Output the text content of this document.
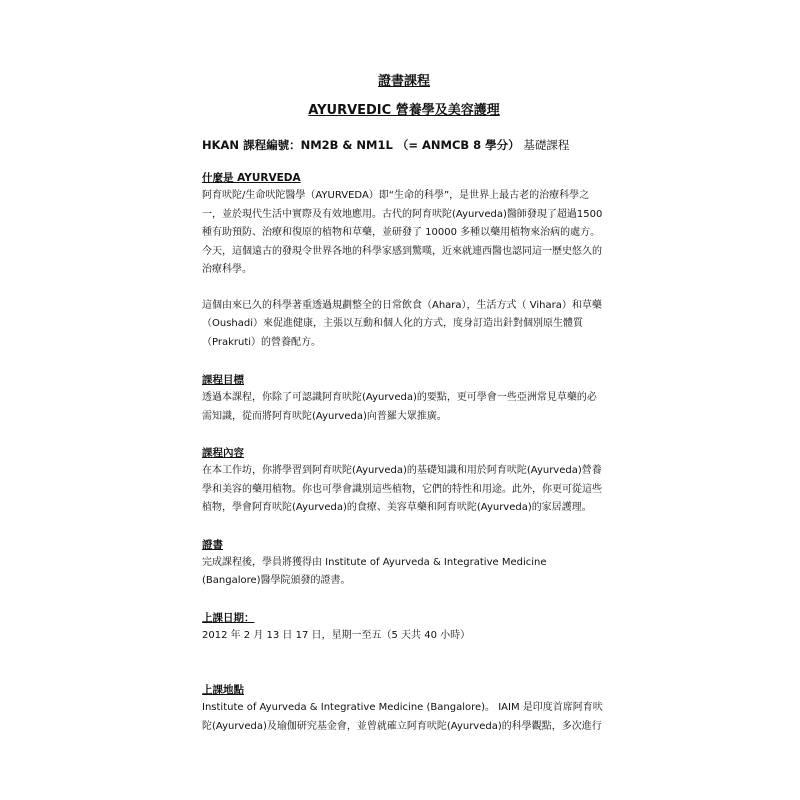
證書課程

AYURVEDIC 營養學及美容護理

HKAN 課程編號：NM2B & NM1L （= ANMCB 8 學分） 基礎課程

什麼是 AYURVEDA

阿育吠陀/生命吠陀醫學（AYURVEDA）即“生命的科學”，是世界上最古老的治療科學之一，並於現代生活中實際及有效地應用。古代的阿育吠陀(Ayurveda)醫師發現了超過1500 種有助預防、治療和復原的植物和草藥，並研發了 10000 多種以藥用植物來治病的處方。今天，這個遠古的發現令世界各地的科學家感到驚嘆，近來就連西醫也認同這一歷史悠久的治療科學。

這個由來已久的科學著重透過規劃整全的日常飲食（Ahara），生活方式（ Vihara）和草藥（Oushadi）來促進健康，主張以互動和個人化的方式，度身訂造出針對個別原生體質（Prakruti）的營養配方。

課程目標

透過本課程，你除了可認識阿育吠陀(Ayurveda)的要點，更可學會一些亞洲常見草藥的必需知識，從而將阿育吠陀(Ayurveda)向普羅大眾推廣。

課程內容

在本工作坊，你將學習到阿育吠陀(Ayurveda)的基礎知識和用於阿育吠陀(Ayurveda)營養學和美容的藥用植物。你也可學會識別這些植物，它們的特性和用途。此外，你更可從這些植物，學會阿育吠陀(Ayurveda)的食療、美容草藥和阿育吠陀(Ayurveda)的家居護理。

證書

完成課程後，學員將獲得由 Institute of Ayurveda & Integrative Medicine (Bangalore)醫學院頒發的證書。

上課日期：

2012 年 2 月 13 日 17 日，星期一至五（5 天共 40 小時）

上課地點

Institute of Ayurveda & Integrative Medicine (Bangalore)。 IAIM 是印度首席阿育吠陀(Ayurveda)及瑜伽研究基金會，並曾就確立阿育吠陀(Ayurveda)的科學觀點，多次進行
